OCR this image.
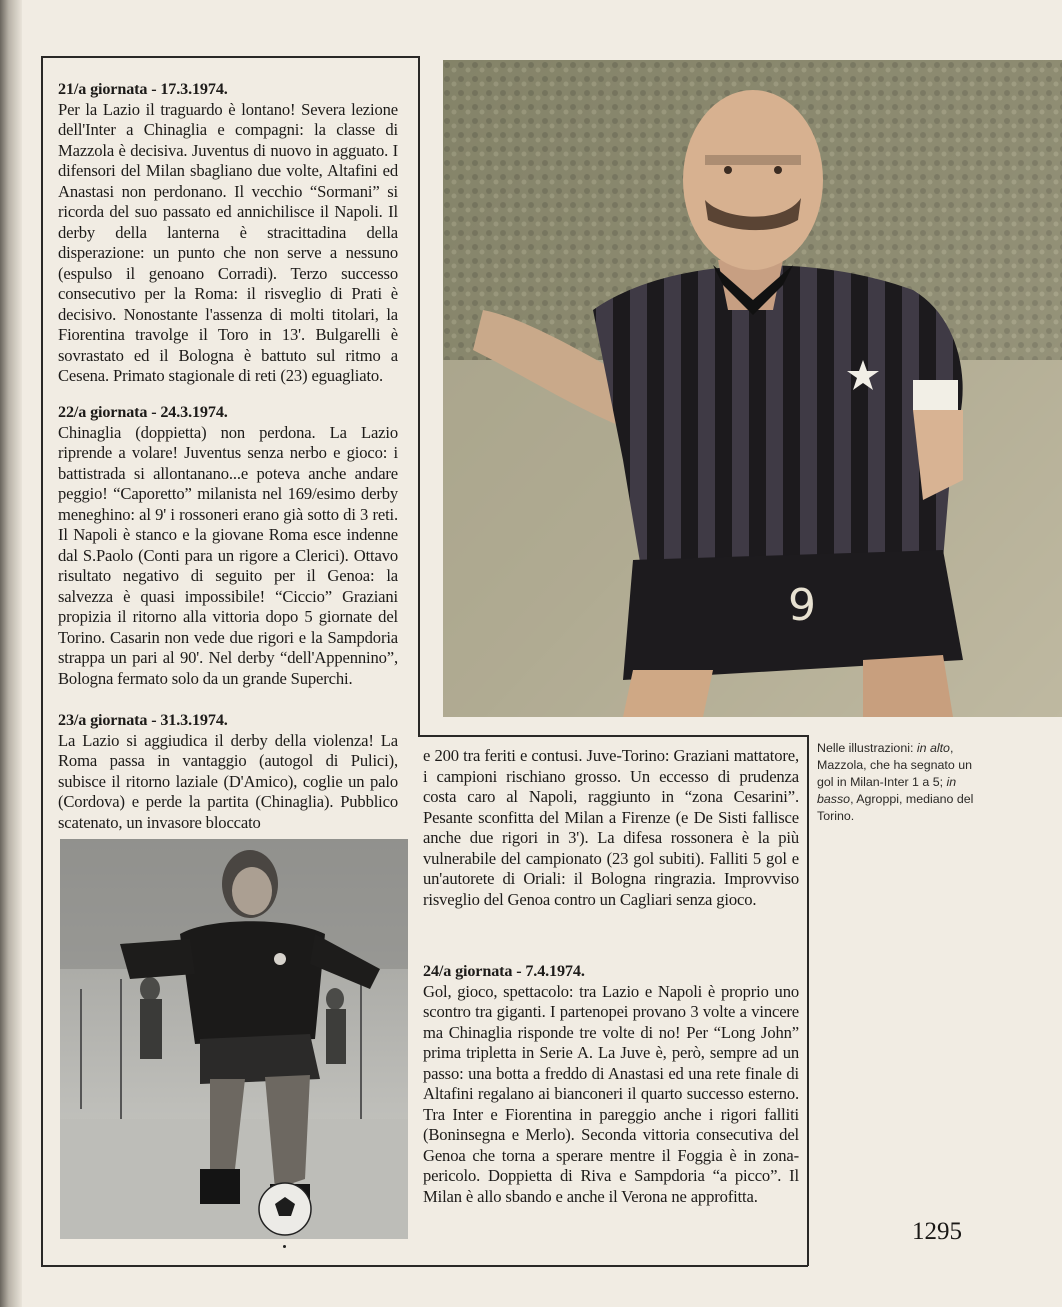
21/a giornata - 17.3.1974.

Per la Lazio il traguardo è lontano! Severa lezione dell'Inter a Chinaglia e compagni: la classe di Mazzola è decisiva. Juventus di nuovo in agguato. I difensori del Milan sbagliano due volte, Altafini ed Anastasi non perdonano. Il vecchio “Sormani” si ricorda del suo passato ed annichilisce il Napoli. Il derby della lanterna è stracittadina della disperazione: un punto che non serve a nessuno (espulso il genoano Corradi). Terzo successo consecutivo per la Roma: il risveglio di Prati è decisivo. Nonostante l'assenza di molti titolari, la Fiorentina travolge il Toro in 13'. Bulgarelli è sovrastato ed il Bologna è battuto sul ritmo a Cesena. Primato stagionale di reti (23) eguagliato.

22/a giornata - 24.3.1974.

Chinaglia (doppietta) non perdona. La Lazio riprende a volare! Juventus senza nerbo e gioco: i battistrada si allontanano...e poteva anche andare peggio! “Caporetto” milanista nel 169/esimo derby meneghino: al 9' i rossoneri erano già sotto di 3 reti. Il Napoli è stanco e la giovane Roma esce indenne dal S.Paolo (Conti para un rigore a Clerici). Ottavo risultato negativo di seguito per il Genoa: la salvezza è quasi impossibile! “Ciccio” Graziani propizia il ritorno alla vittoria dopo 5 giornate del Torino. Casarin non vede due rigori e la Sampdoria strappa un pari al 90'. Nel derby “dell'Appennino”, Bologna fermato solo da un grande Superchi.

23/a giornata - 31.3.1974.

La Lazio si aggiudica il derby della violenza! La Roma passa in vantaggio (autogol di Pulici), subisce il ritorno laziale (D'Amico), coglie un palo (Cordova) e perde la partita (Chinaglia). Pubblico scatenato, un invasore bloccato

e 200 tra feriti e contusi. Juve-Torino: Graziani mattatore, i campioni rischiano grosso. Un eccesso di prudenza costa caro al Napoli, raggiunto in “zona Cesarini”. Pesante sconfitta del Milan a Firenze (e De Sisti fallisce anche due rigori in 3'). La difesa rossonera è la più vulnerabile del campionato (23 gol subiti). Falliti 5 gol e un'autorete di Oriali: il Bologna ringrazia. Improvviso risveglio del Genoa contro un Cagliari senza gioco.

24/a giornata - 7.4.1974.

Gol, gioco, spettacolo: tra Lazio e Napoli è proprio uno scontro tra giganti. I partenopei provano 3 volte a vincere ma Chinaglia risponde tre volte di no! Per “Long John” prima tripletta in Serie A. La Juve è, però, sempre ad un passo: una botta a freddo di Anastasi ed una rete finale di Altafini regalano ai bianconeri il quarto successo esterno. Tra Inter e Fiorentina in pareggio anche i rigori falliti (Boninsegna e Merlo). Seconda vittoria consecutiva del Genoa che torna a sperare mentre il Foggia è in zona-pericolo. Doppietta di Riva e Sampdoria “a picco”. Il Milan è allo sbando e anche il Verona ne approfitta.

9
Nelle illustrazioni: in alto, Mazzola, che ha segnato un gol in Milan-Inter 1 a 5; in basso, Agroppi, mediano del Torino.
1295
